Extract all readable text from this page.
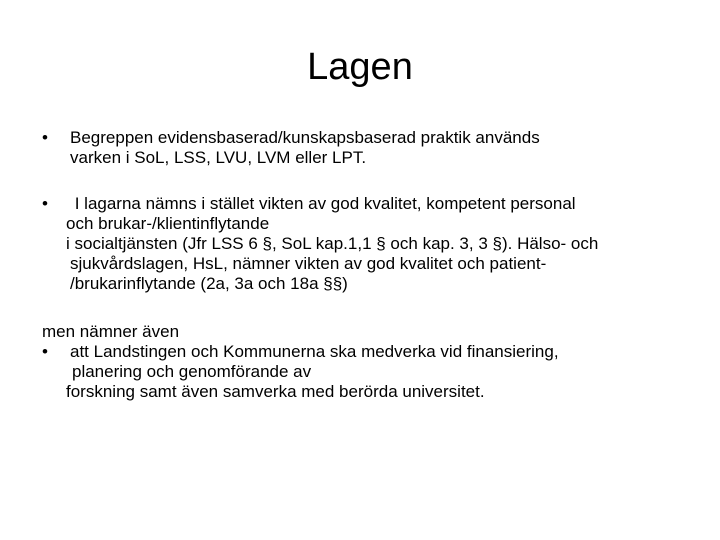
Lagen
•	Begreppen evidensbaserad/kunskapsbaserad praktik används
varken i SoL, LSS, LVU, LVM eller LPT.
•	I lagarna nämns i stället vikten av god kvalitet, kompetent personal
och brukar-/klientinflytande
i socialtjänsten (Jfr LSS 6 §, SoL kap.1,1 § och kap. 3, 3 §). Hälso- och
sjukvårdslagen, HsL, nämner vikten av god kvalitet och patient-
/brukarinflytande (2a, 3a och 18a §§)
men nämner även
•	att Landstingen och Kommunerna ska medverka vid finansiering,
planering och genomförande av
forskning samt även samverka med berörda universitet.
